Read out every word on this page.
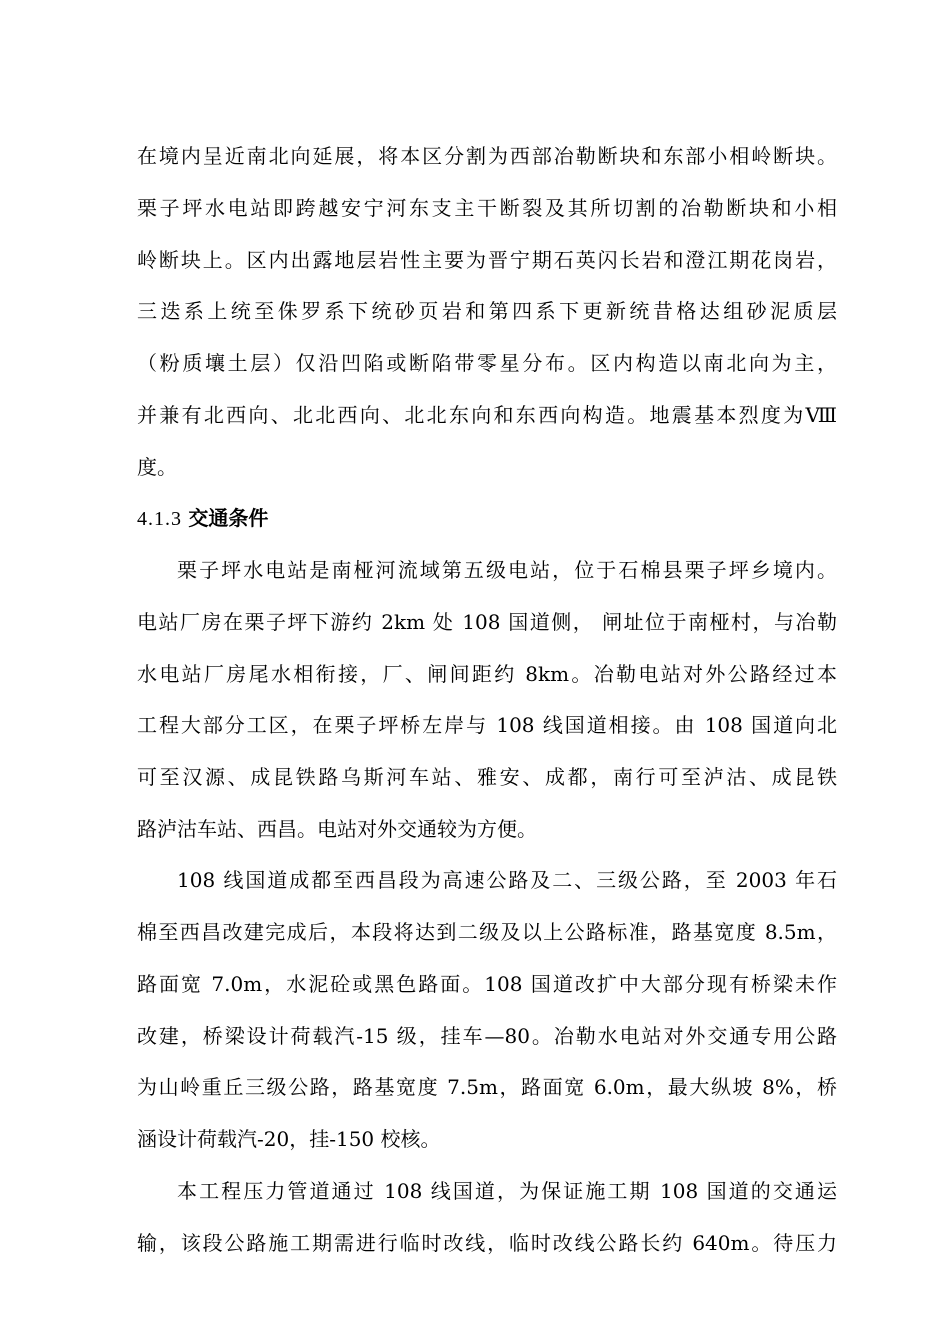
在境内呈近南北向延展，将本区分割为西部冶勒断块和东部小相岭断块。
栗子坪水电站即跨越安宁河东支主干断裂及其所切割的冶勒断块和小相
岭断块上。区内出露地层岩性主要为晋宁期石英闪长岩和澄江期花岗岩，
三迭系上统至侏罗系下统砂页岩和第四系下更新统昔格达组砂泥质层
（粉质壤土层）仅沿凹陷或断陷带零星分布。区内构造以南北向为主，
并兼有北西向、北北西向、北北东向和东西向构造。地震基本烈度为Ⅷ
度。
4.1.3 交通条件
栗子坪水电站是南桠河流域第五级电站，位于石棉县栗子坪乡境内。
电站厂房在栗子坪下游约 2km 处 108 国道侧， 闸址位于南桠村，与冶勒
水电站厂房尾水相衔接，厂、闸间距约 8km。冶勒电站对外公路经过本
工程大部分工区，在栗子坪桥左岸与 108 线国道相接。由 108 国道向北
可至汉源、成昆铁路乌斯河车站、雅安、成都，南行可至泸沽、成昆铁
路泸沽车站、西昌。电站对外交通较为方便。
108 线国道成都至西昌段为高速公路及二、三级公路，至 2003 年石
棉至西昌改建完成后，本段将达到二级及以上公路标准，路基宽度 8.5m，
路面宽 7.0m，水泥砼或黑色路面。108 国道改扩中大部分现有桥梁未作
改建，桥梁设计荷载汽-15 级，挂车—80。冶勒水电站对外交通专用公路
为山岭重丘三级公路，路基宽度 7.5m，路面宽 6.0m，最大纵坡 8%，桥
涵设计荷载汽-20，挂-150 校核。
本工程压力管道通过 108 线国道，为保证施工期 108 国道的交通运
输，该段公路施工期需进行临时改线，临时改线公路长约 640m。待压力
